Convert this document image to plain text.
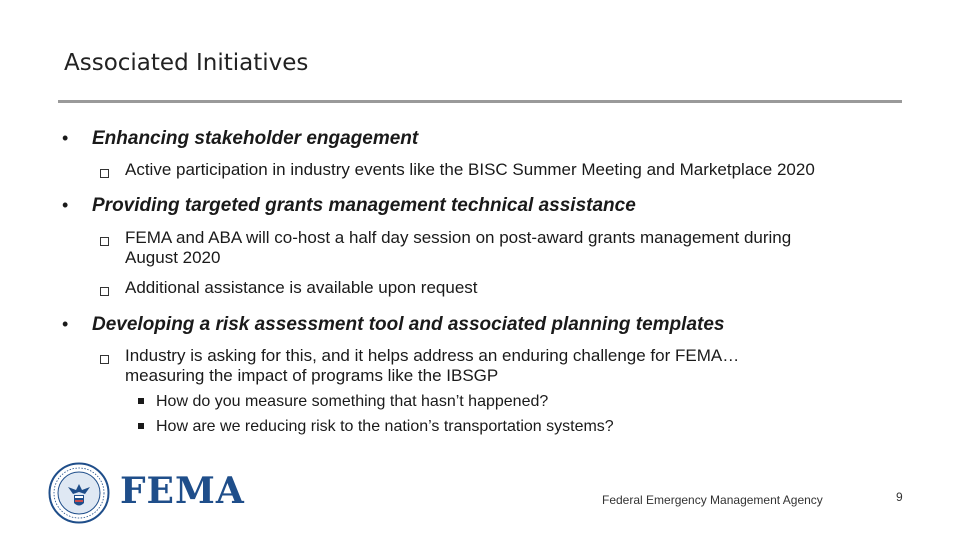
Associated Initiatives
•	Enhancing stakeholder engagement
Active participation in industry events like the BISC Summer Meeting and Marketplace 2020
•	Providing targeted grants management technical assistance
FEMA and ABA will co-host a half day session on post-award grants management during
August 2020
Additional assistance is available upon request
•	Developing a risk assessment tool and associated planning templates
Industry is asking for this, and it helps address an enduring challenge for FEMA…
measuring the impact of programs like the IBSGP
How do you measure something that hasn’t happened?
How are we reducing risk to the nation’s transportation systems?
FEMA	Federal Emergency Management Agency	9
